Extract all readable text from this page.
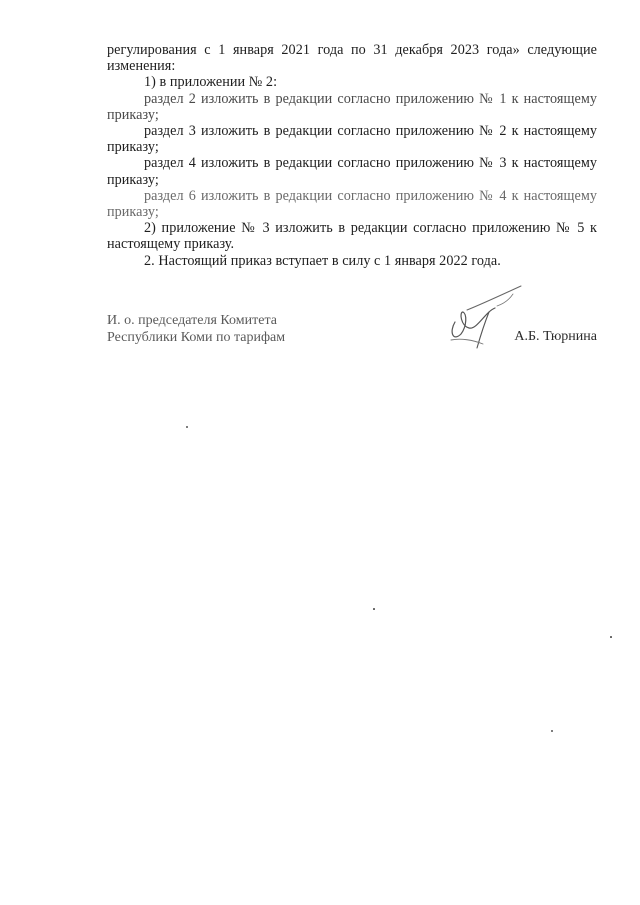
регулирования с 1 января 2021 года по 31 декабря 2023 года» следующие изменения:

1) в приложении № 2:

раздел 2 изложить в редакции согласно приложению № 1 к настоящему приказу;

раздел 3 изложить в редакции согласно приложению № 2 к настоящему приказу;

раздел 4 изложить в редакции согласно приложению № 3 к настоящему приказу;

раздел 6 изложить в редакции согласно приложению № 4 к настоящему приказу;

2) приложение № 3 изложить в редакции согласно приложению № 5 к настоящему приказу.

2. Настоящий приказ вступает в силу с 1 января 2022 года.

И. о. председателя Комитета
Республики Коми по тарифам	А.Б. Тюрнина
